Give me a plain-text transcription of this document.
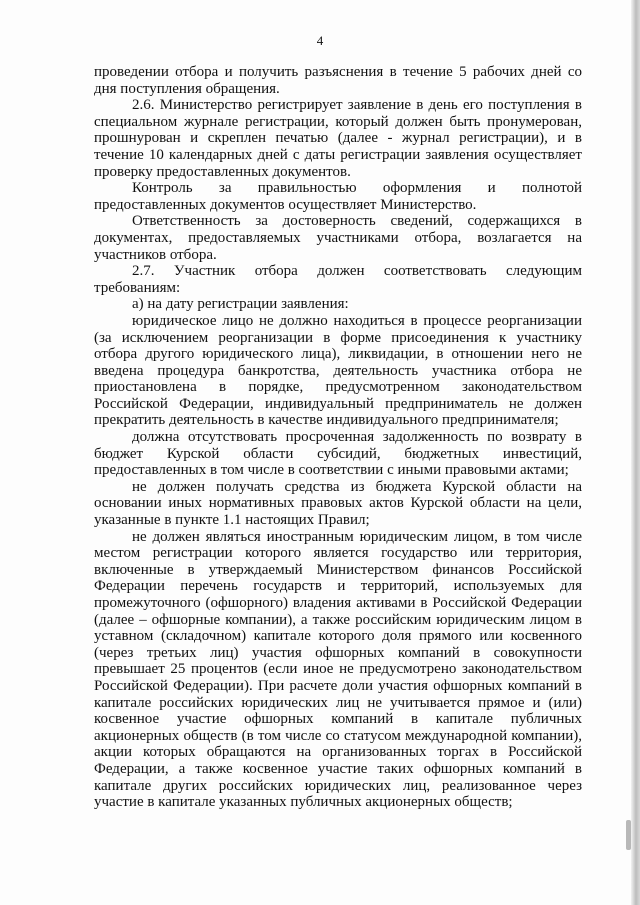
4

проведении отбора и получить разъяснения в течение 5 рабочих дней со дня поступления обращения.

2.6. Министерство регистрирует заявление в день его поступления в специальном журнале регистрации, который должен быть пронумерован, прошнурован и скреплен печатью (далее - журнал регистрации), и в течение 10 календарных дней с даты регистрации заявления осуществляет проверку предоставленных документов.

Контроль за правильностью оформления и полнотой предоставленных документов осуществляет Министерство.

Ответственность за достоверность сведений, содержащихся в документах, предоставляемых участниками отбора, возлагается на участников отбора.

2.7. Участник отбора должен соответствовать следующим требованиям:

а) на дату регистрации заявления:

юридическое лицо не должно находиться в процессе реорганизации (за исключением реорганизации в форме присоединения к участнику отбора другого юридического лица), ликвидации, в отношении него не введена процедура банкротства, деятельность участника отбора не приостановлена в порядке, предусмотренном законодательством Российской Федерации, индивидуальный предприниматель не должен прекратить деятельность в качестве индивидуального предпринимателя;

должна отсутствовать просроченная задолженность по возврату в бюджет Курской области субсидий, бюджетных инвестиций, предоставленных в том числе в соответствии с иными правовыми актами;

не должен получать средства из бюджета Курской области на основании иных нормативных правовых актов Курской области на цели, указанные в пункте 1.1 настоящих Правил;

не должен являться иностранным юридическим лицом, в том числе местом регистрации которого является государство или территория, включенные в утверждаемый Министерством финансов Российской Федерации перечень государств и территорий, используемых для промежуточного (офшорного) владения активами в Российской Федерации (далее – офшорные компании), а также российским юридическим лицом в уставном (складочном) капитале которого доля прямого или косвенного (через третьих лиц) участия офшорных компаний в совокупности превышает 25 процентов (если иное не предусмотрено законодательством Российской Федерации). При расчете доли участия офшорных компаний в капитале российских юридических лиц не учитывается прямое и (или) косвенное участие офшорных компаний в капитале публичных акционерных обществ (в том числе со статусом международной компании), акции которых обращаются на организованных торгах в Российской Федерации, а также косвенное участие таких офшорных компаний в капитале других российских юридических лиц, реализованное через участие в капитале указанных публичных акционерных обществ;
